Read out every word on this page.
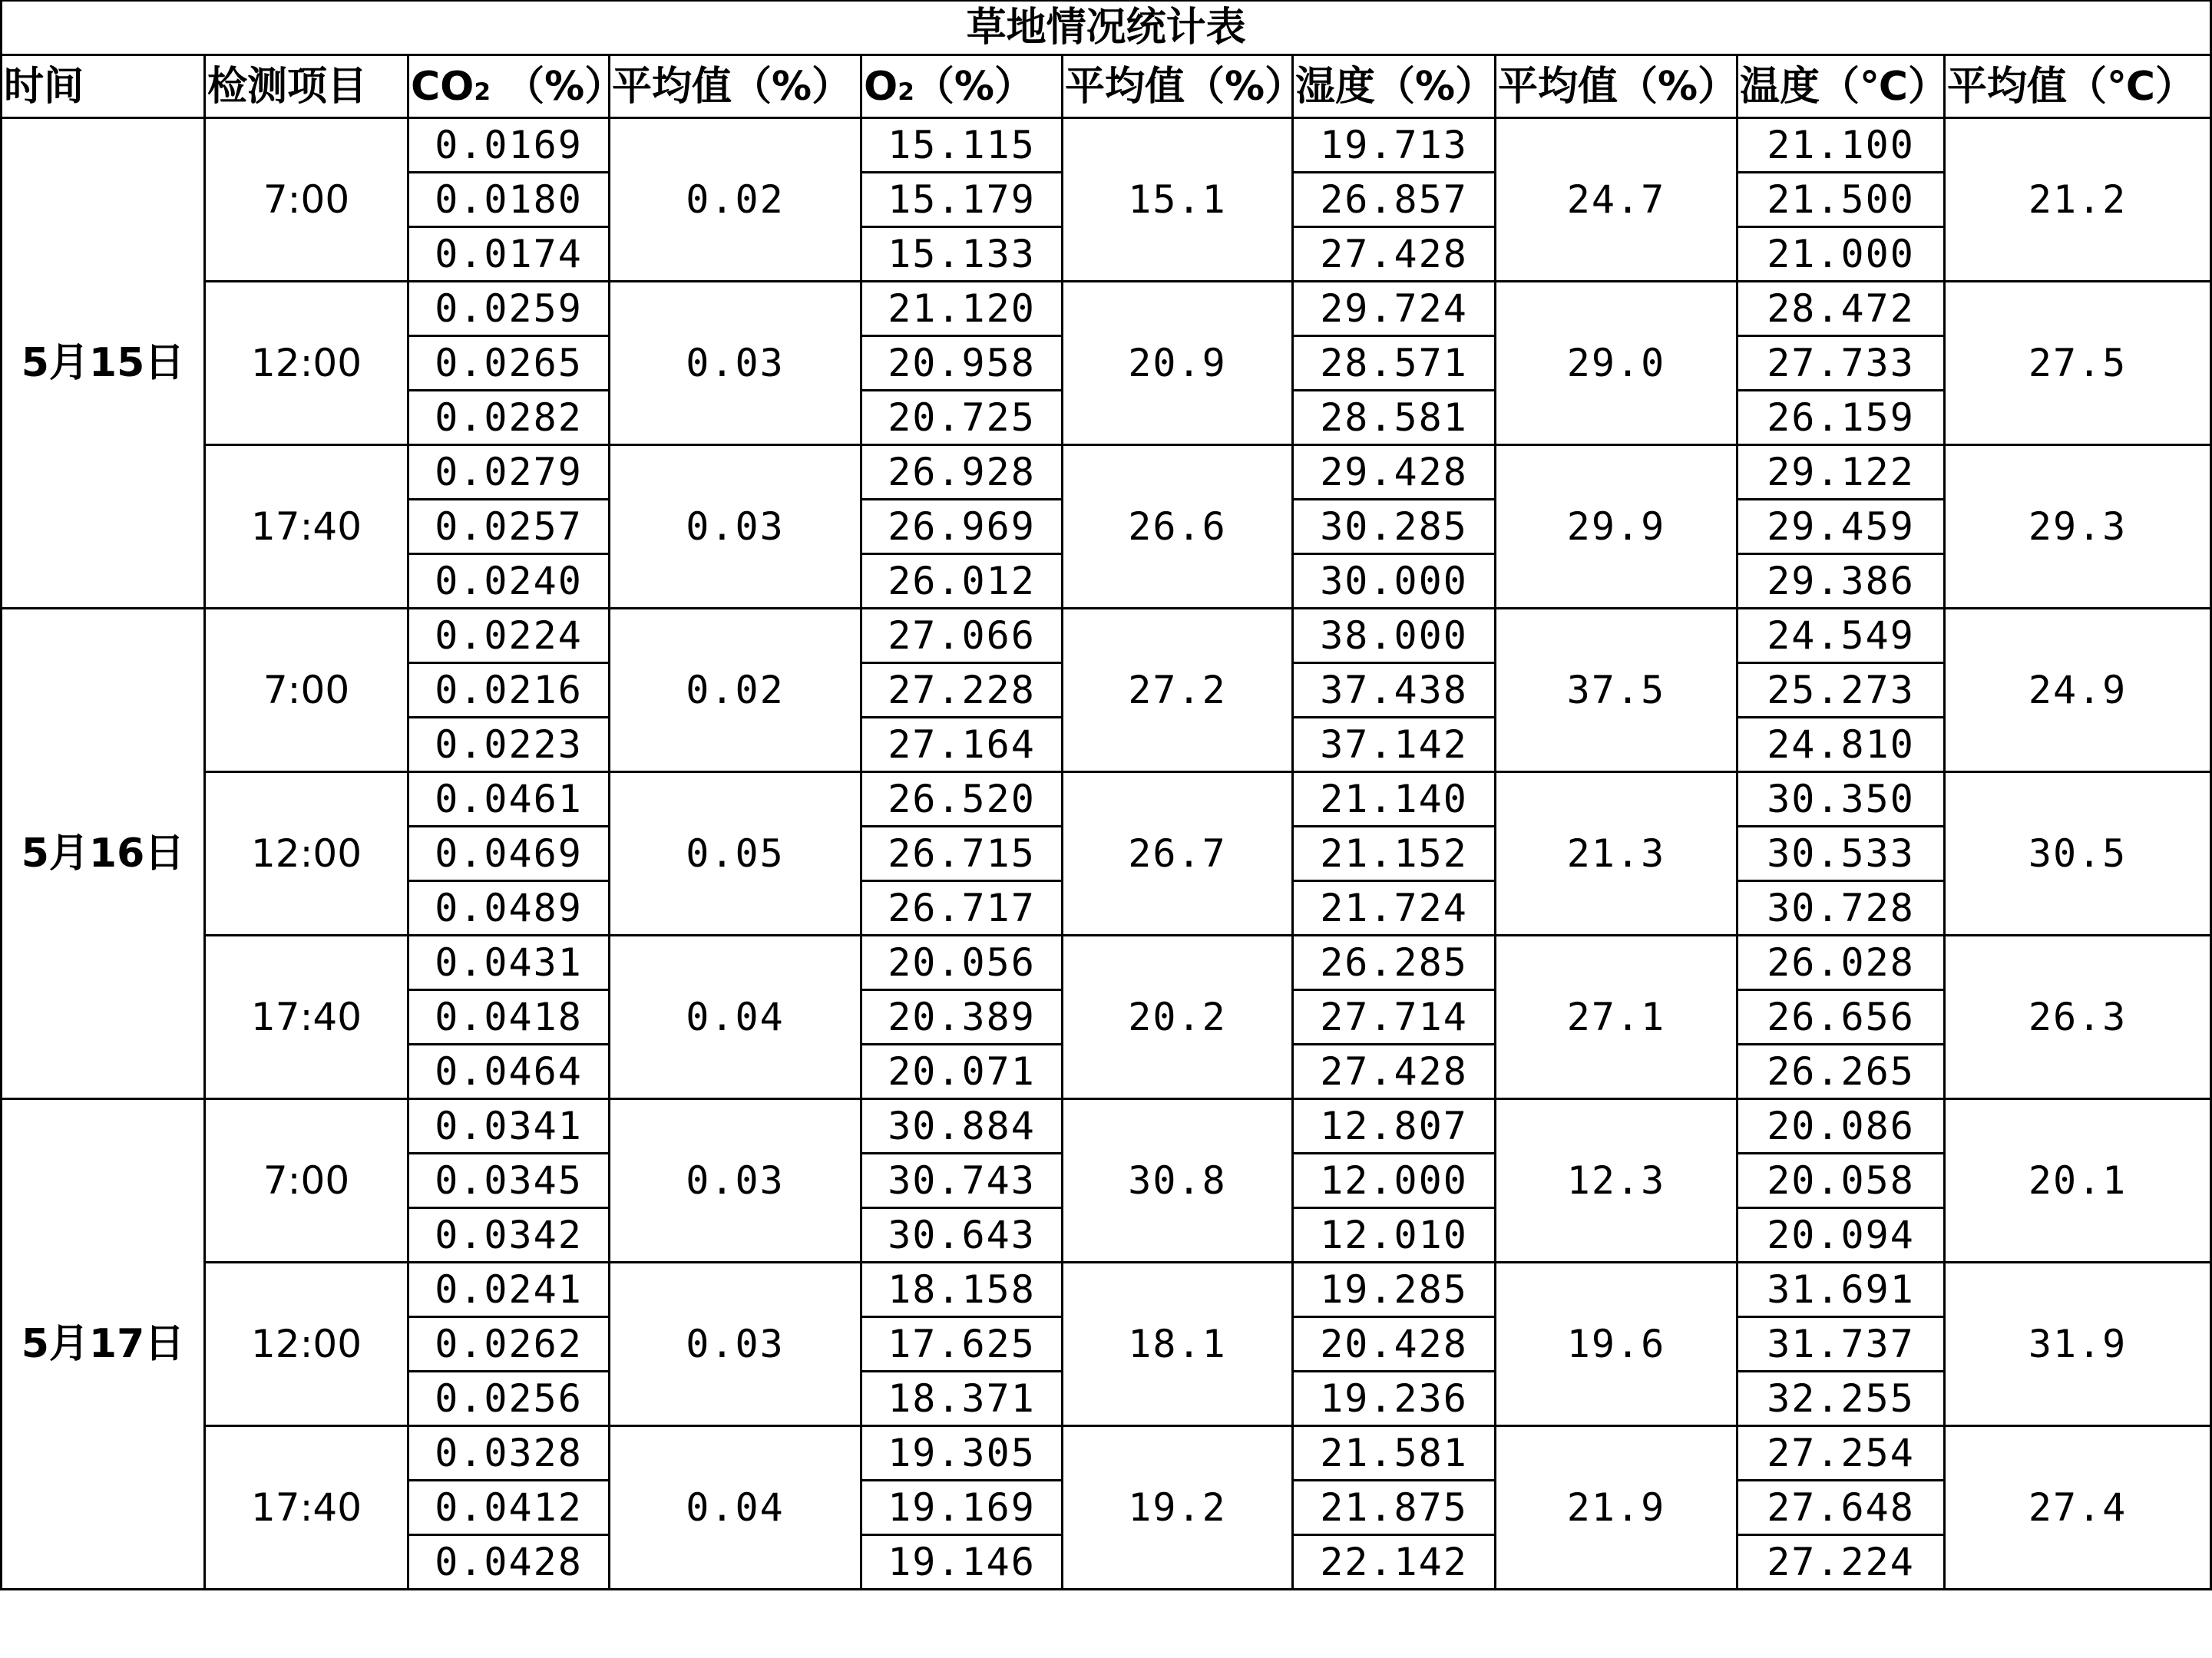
草地情况统计表									
时间	检测项目	$CO_2$ （%）	平均值（%）	$O_2(\%)$	平均值（%）	湿度（%）	平均值（%）	温度（℃）	平均值（℃）
5月15日	7:00	0.0169	0.02	15.115	15.1	19.713	24.7	21.100	21.2
		0.0180		15.179		26.857		21.500	
		0.0174		15.133		27.428		21.000	
	12:00	0.0259	0.03	21.120	20.9	29.724	29.0	28.472	27.5
		0.0265		20.958		28.571		27.733	
		0.0282		20.725		28.581		26.159	
	17:40	0.0279	0.03	26.928	26.6	29.428	29.9	29.122	29.3
		0.0257		26.969		30.285		29.459	
		0.0240		26.012		30.000		29.386	
5月16日	7:00	0.0224	0.02	27.066	27.2	38.000	37.5	24.549	24.9
		0.0216		27.228		37.438		25.273	
		0.0223		27.164		37.142		24.810	
	12:00	0.0461	0.05	26.520	26.7	21.140	21.3	30.350	30.5
		0.0469		26.715		21.152		30.533	
		0.0489		26.717		21.724		30.728	
	17:40	0.0431	0.04	20.056	20.2	26.285	27.1	26.028	26.3
		0.0418		20.389		27.714		26.656	
		0.0464		20.071		27.428		26.265	
5月17日	7:00	0.0341	0.03	30.884	30.8	12.807	12.3	20.086	20.1
		0.0345		30.743		12.000		20.058	
		0.0342		30.643		12.010		20.094	
	12:00	0.0241	0.03	18.158	18.1	19.285	19.6	31.691	31.9
		0.0262		17.625		20.428		31.737	
		0.0256		18.371		19.236		32.255	
	17:40	0.0328	0.04	19.305	19.2	21.581	21.9	27.254	27.4
		0.0412		19.169		21.875		27.648	
		0.0428		19.146		22.142		27.224	
